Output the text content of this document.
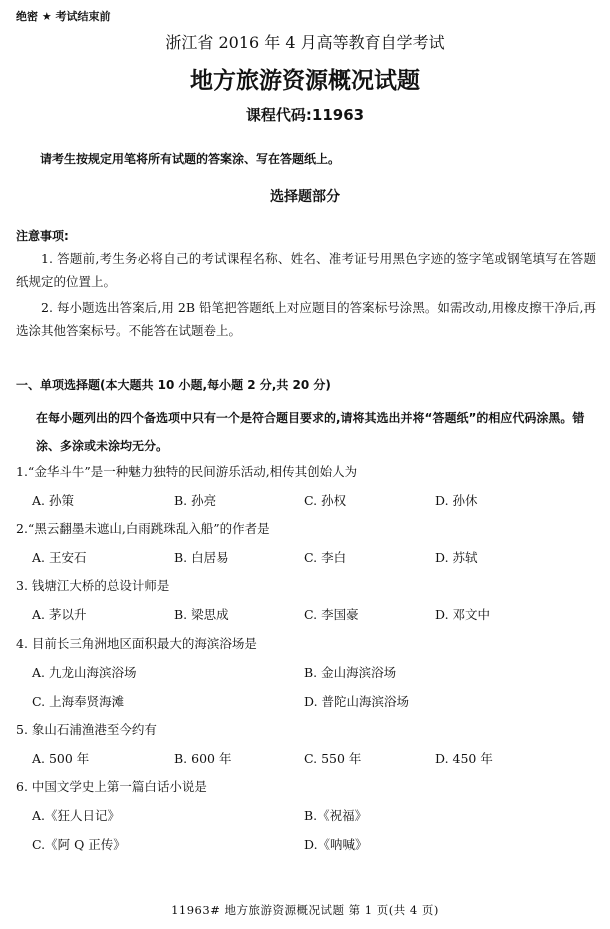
绝密 ★ 考试结束前
浙江省 2016 年 4 月高等教育自学考试
地方旅游资源概况试题
课程代码:11963
请考生按规定用笔将所有试题的答案涂、写在答题纸上。
选择题部分
注意事项:
1. 答题前,考生务必将自己的考试课程名称、姓名、准考证号用黑色字迹的签字笔或钢笔填写在答题纸规定的位置上。
2. 每小题选出答案后,用 2B 铅笔把答题纸上对应题目的答案标号涂黑。如需改动,用橡皮擦干净后,再选涂其他答案标号。不能答在试题卷上。
一、单项选择题(本大题共 10 小题,每小题 2 分,共 20 分)
在每小题列出的四个备选项中只有一个是符合题目要求的,请将其选出并将“答题纸”的相应代码涂黑。错涂、多涂或未涂均无分。
1.“金华斗牛”是一种魅力独特的民间游乐活动,相传其创始人为
A. 孙策	B. 孙亮	C. 孙权	D. 孙休
2.“黑云翻墨未遮山,白雨跳珠乱入船”的作者是
A. 王安石	B. 白居易	C. 李白	D. 苏轼
3. 钱塘江大桥的总设计师是
A. 茅以升	B. 梁思成	C. 李国豪	D. 邓文中
4. 目前长三角洲地区面积最大的海滨浴场是
A. 九龙山海滨浴场	B. 金山海滨浴场
C. 上海奉贤海滩	D. 普陀山海滨浴场
5. 象山石浦渔港至今约有
A. 500 年	B. 600 年	C. 550 年	D. 450 年
6. 中国文学史上第一篇白话小说是
A.《狂人日记》	B.《祝福》
C.《阿 Q 正传》	D.《呐喊》
11963# 地方旅游资源概况试题 第 1 页(共 4 页)
